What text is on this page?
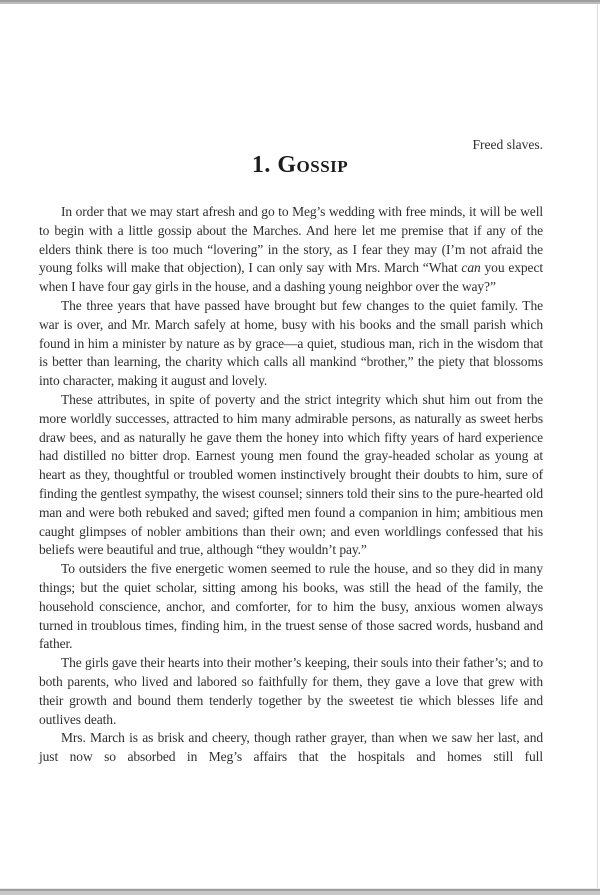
Freed slaves.
1. Gossip

In order that we may start afresh and go to Meg’s wedding with free minds, it will be well to begin with a little gossip about the Marches. And here let me premise that if any of the elders think there is too much “lovering” in the story, as I fear they may (I’m not afraid the young folks will make that objection), I can only say with Mrs. March “What can you expect when I have four gay girls in the house, and a dashing young neighbor over the way?”

The three years that have passed have brought but few changes to the quiet family. The war is over, and Mr. March safely at home, busy with his books and the small parish which found in him a minister by nature as by grace—a quiet, studious man, rich in the wisdom that is better than learning, the charity which calls all mankind “brother,” the piety that blossoms into character, making it august and lovely.

These attributes, in spite of poverty and the strict integrity which shut him out from the more worldly successes, attracted to him many admirable persons, as naturally as sweet herbs draw bees, and as naturally he gave them the honey into which fifty years of hard experience had distilled no bitter drop. Earnest young men found the gray-headed scholar as young at heart as they, thoughtful or troubled women instinctively brought their doubts to him, sure of finding the gentlest sympathy, the wisest counsel; sinners told their sins to the pure-hearted old man and were both rebuked and saved; gifted men found a companion in him; ambitious men caught glimpses of nobler ambitions than their own; and even worldlings confessed that his beliefs were beautiful and true, although “they wouldn’t pay.”

To outsiders the five energetic women seemed to rule the house, and so they did in many things; but the quiet scholar, sitting among his books, was still the head of the family, the household conscience, anchor, and comforter, for to him the busy, anxious women always turned in troublous times, finding him, in the truest sense of those sacred words, husband and father.

The girls gave their hearts into their mother’s keeping, their souls into their father’s; and to both parents, who lived and labored so faithfully for them, they gave a love that grew with their growth and bound them tenderly together by the sweetest tie which blesses life and outlives death.

Mrs. March is as brisk and cheery, though rather grayer, than when we saw her last, and just now so absorbed in Meg’s affairs that the hospitals and homes still full
